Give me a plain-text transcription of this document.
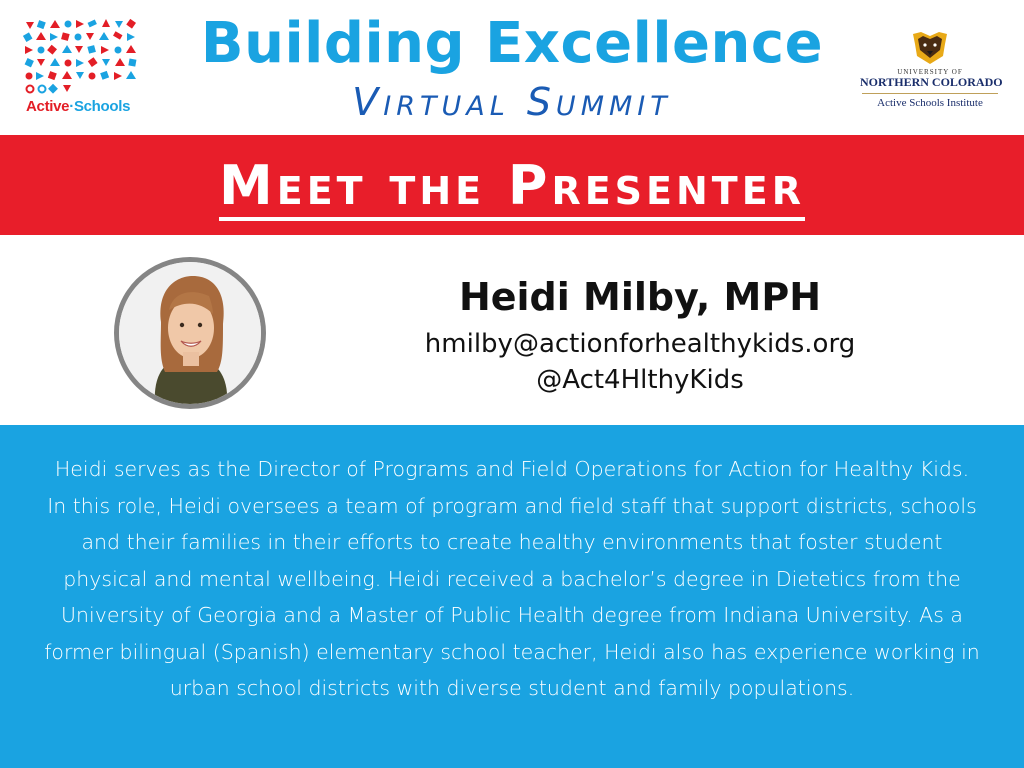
Active·Schools
Building Excellence
Virtual Summit
UNIVERSITY OF
NORTHERN COLORADO
Active Schools Institute
Meet the Presenter
Heidi Milby, MPH
hmilby@actionforhealthykids.org
@Act4HlthyKids

Heidi serves as the Director of Programs and Field Operations for Action for Healthy Kids. In this role, Heidi oversees a team of program and field staff that support districts, schools and their families in their efforts to create healthy environments that foster student physical and mental wellbeing. Heidi received a bachelor’s degree in Dietetics from the University of Georgia and a Master of Public Health degree from Indiana University. As a former bilingual (Spanish) elementary school teacher, Heidi also has experience working in urban school districts with diverse student and family populations.
